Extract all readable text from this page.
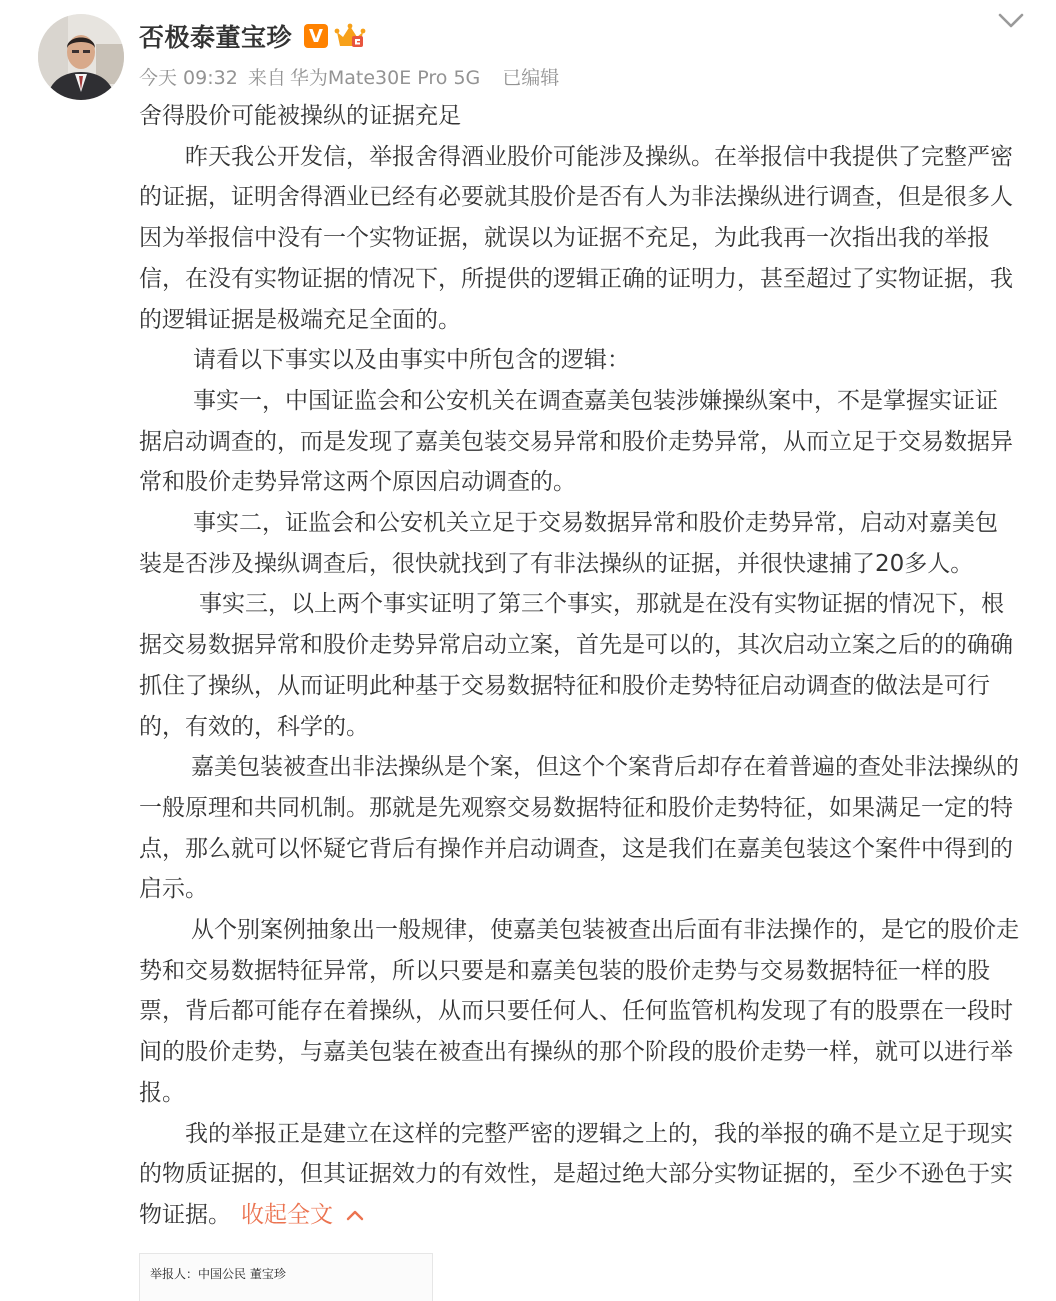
否极泰董宝珍 V
今天 09:32 来自 华为Mate30E Pro 5G 已编辑

舍得股价可能被操纵的证据充足

昨天我公开发信，举报舍得酒业股价可能涉及操纵。在举报信中我提供了完整严密的证据，证明舍得酒业已经有必要就其股价是否有人为非法操纵进行调查，但是很多人因为举报信中没有一个实物证据，就误以为证据不充足，为此我再一次指出我的举报信，在没有实物证据的情况下，所提供的逻辑正确的证明力，甚至超过了实物证据，我的逻辑证据是极端充足全面的。

请看以下事实以及由事实中所包含的逻辑：

事实一，中国证监会和公安机关在调查嘉美包装涉嫌操纵案中，不是掌握实证证据启动调查的，而是发现了嘉美包装交易异常和股价走势异常，从而立足于交易数据异常和股价走势异常这两个原因启动调查的。

事实二，证监会和公安机关立足于交易数据异常和股价走势异常，启动对嘉美包装是否涉及操纵调查后，很快就找到了有非法操纵的证据，并很快逮捕了20多人。

事实三，以上两个事实证明了第三个事实，那就是在没有实物证据的情况下，根据交易数据异常和股价走势异常启动立案，首先是可以的，其次启动立案之后的的确确抓住了操纵，从而证明此种基于交易数据特征和股价走势特征启动调查的做法是可行的，有效的，科学的。

嘉美包装被查出非法操纵是个案，但这个个案背后却存在着普遍的查处非法操纵的一般原理和共同机制。那就是先观察交易数据特征和股价走势特征，如果满足一定的特点，那么就可以怀疑它背后有操作并启动调查，这是我们在嘉美包装这个案件中得到的启示。

从个别案例抽象出一般规律，使嘉美包装被查出后面有非法操作的，是它的股价走势和交易数据特征异常，所以只要是和嘉美包装的股价走势与交易数据特征一样的股票，背后都可能存在着操纵，从而只要任何人、任何监管机构发现了有的股票在一段时间的股价走势，与嘉美包装在被查出有操纵的那个阶段的股价走势一样，就可以进行举报。

我的举报正是建立在这样的完整严密的逻辑之上的，我的举报的确不是立足于现实的物质证据的，但其证据效力的有效性，是超过绝大部分实物证据的，至少不逊色于实物证据。 收起全文

举报人：中国公民 董宝珍
